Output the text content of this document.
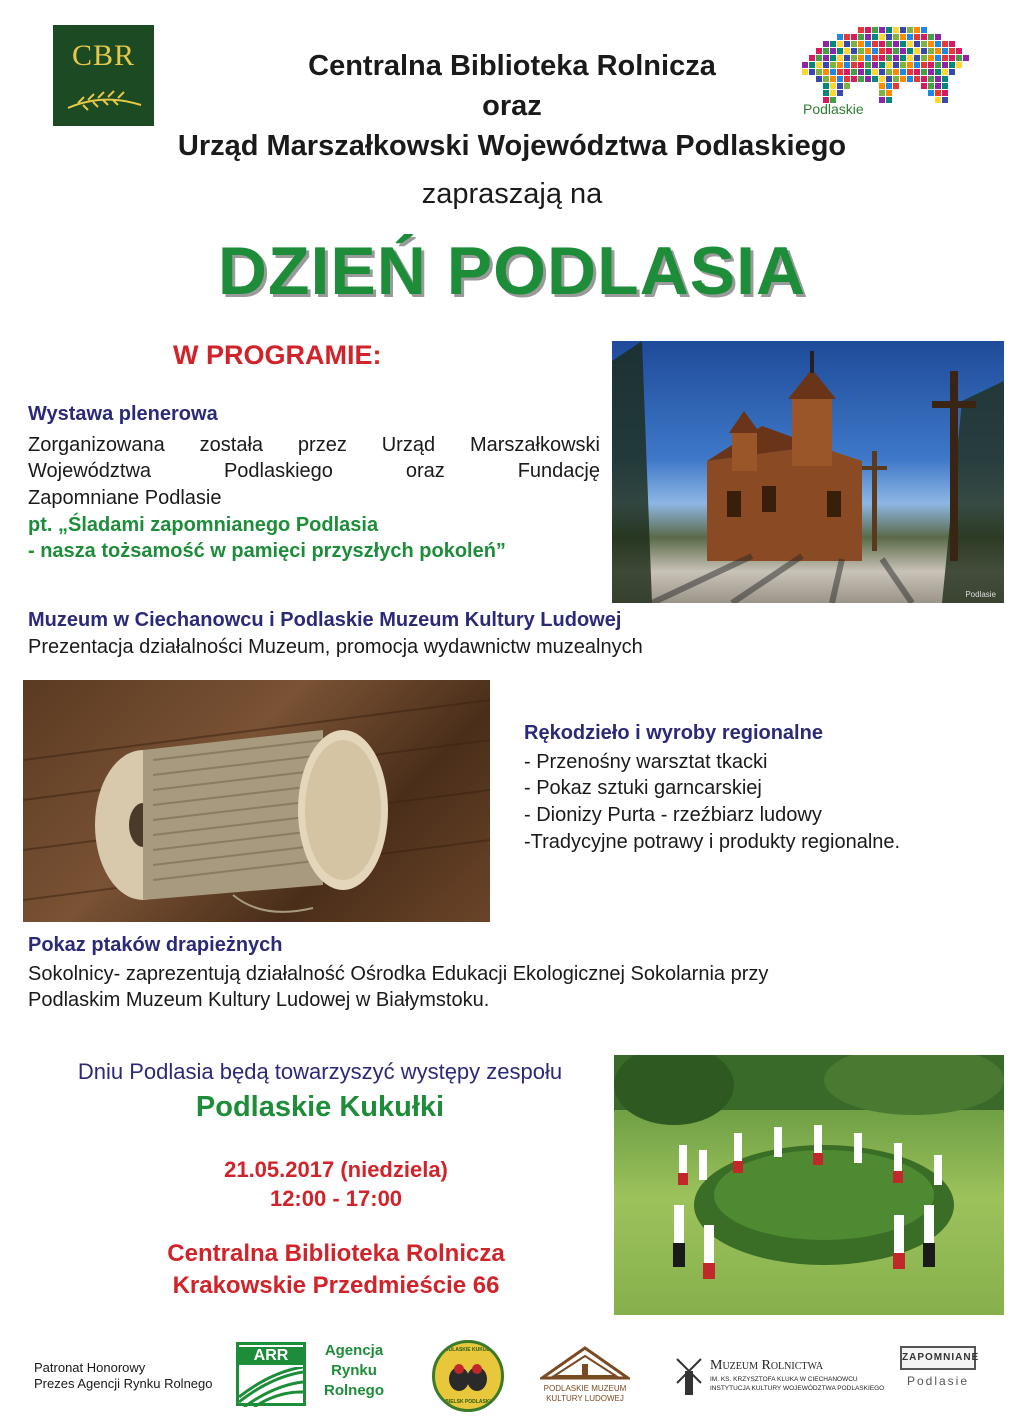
CBR
Podlaskie
Centralna Biblioteka Rolnicza
oraz
Urząd Marszałkowski Województwa Podlaskiego
zapraszają na
DZIEŃ PODLASIA
W PROGRAMIE:
Wystawa plenerowa
Zorganizowana została przez Urząd Marszałkowski
Województwa Podlaskiego oraz Fundację
Zapomniane Podlasie
pt. „Śladami zapomnianego Podlasia
- nasza tożsamość w pamięci przyszłych pokoleń”
Podlasie
Muzeum w Ciechanowcu i Podlaskie Muzeum Kultury Ludowej
Prezentacja działalności Muzeum, promocja wydawnictw muzealnych
Rękodzieło i wyroby regionalne
- Przenośny warsztat tkacki
- Pokaz sztuki garncarskiej
- Dionizy Purta - rzeźbiarz ludowy
-Tradycyjne potrawy i produkty regionalne.
Pokaz ptaków drapieżnych
Sokolnicy- zaprezentują działalność Ośrodka Edukacji Ekologicznej Sokolarnia przy
Podlaskim Muzeum Kultury Ludowej w Białymstoku.
Dniu Podlasia będą towarzyszyć występy zespołu
Podlaskie Kukułki
21.05.2017 (niedziela)
12:00 - 17:00
Centralna Biblioteka Rolnicza
Krakowskie Przedmieście 66
Patronat Honorowy
Prezes Agencji Rynku Rolnego
ARR	Agencja
Rynku
Rolnego
PODLASKIE KUKUŁKI
BIELSK PODLASKI
PODLASKIE MUZEUM
KULTURY LUDOWEJ
Muzeum Rolnictwa
IM. KS. KRZYSZTOFA KLUKA W CIECHANOWCU
INSTYTUCJA KULTURY WOJEWÓDZTWA PODLASKIEGO
ZAPOMNIANE
Podlasie
